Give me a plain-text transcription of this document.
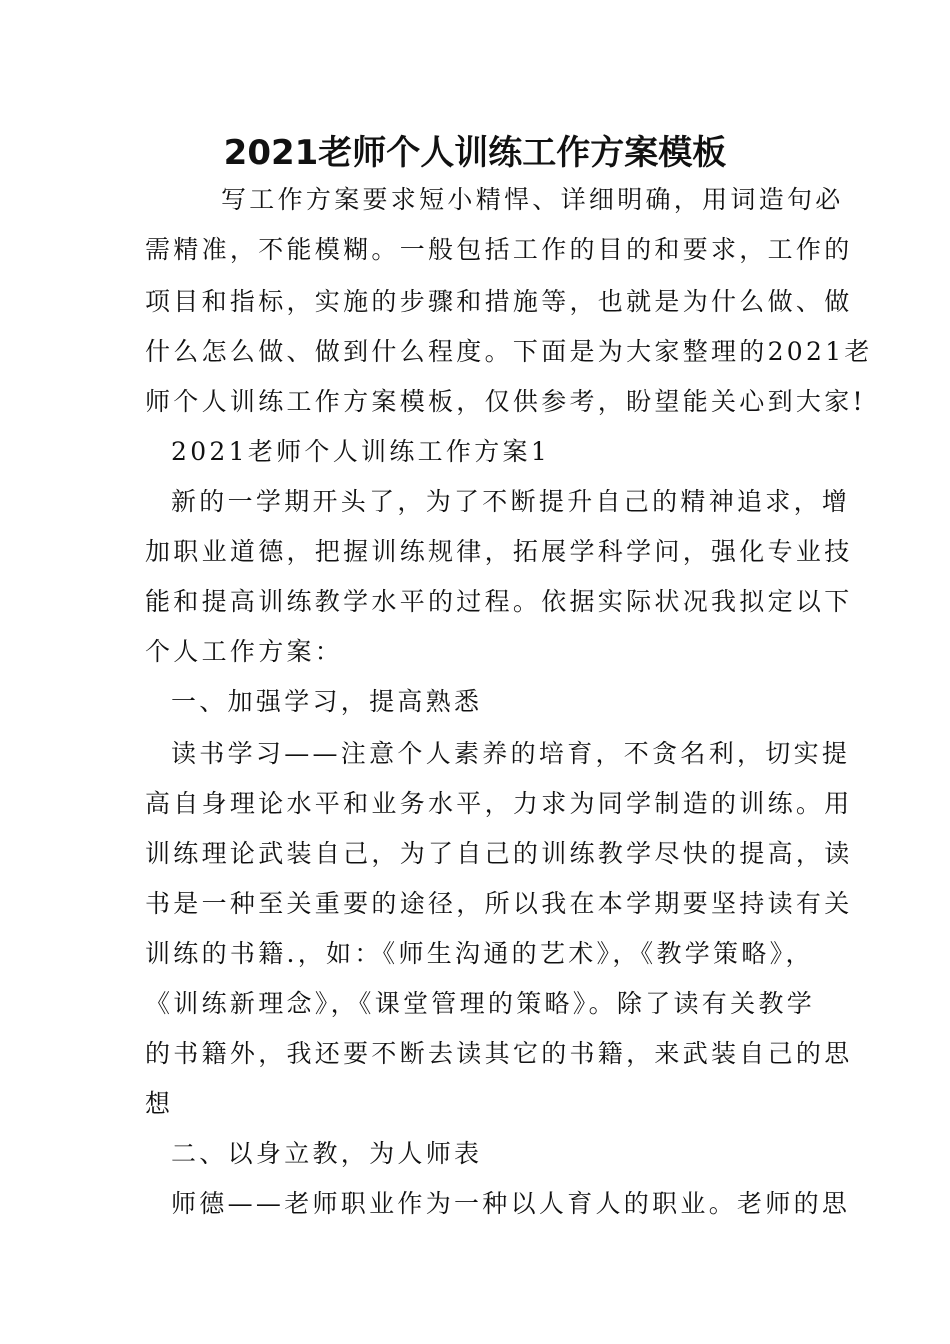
2021老师个人训练工作方案模板
写工作方案要求短小精悍、详细明确，用词造句必
需精准，不能模糊。一般包括工作的目的和要求，工作的
项目和指标，实施的步骤和措施等，也就是为什么做、做
什么怎么做、做到什么程度。下面是为大家整理的2021老
师个人训练工作方案模板，仅供参考，盼望能关心到大家!
2021老师个人训练工作方案1
新的一学期开头了，为了不断提升自己的精神追求，增
加职业道德，把握训练规律，拓展学科学问，强化专业技
能和提高训练教学水平的过程。依据实际状况我拟定以下
个人工作方案：
一、加强学习，提高熟悉
读书学习——注意个人素养的培育，不贪名利，切实提
高自身理论水平和业务水平，力求为同学制造的训练。用
训练理论武装自己，为了自己的训练教学尽快的提高，读
书是一种至关重要的途径，所以我在本学期要坚持读有关
训练的书籍.，如：《师生沟通的艺术》，《教学策略》，
《训练新理念》，《课堂管理的策略》。除了读有关教学
的书籍外，我还要不断去读其它的书籍，来武装自己的思
想
二、以身立教，为人师表
师德——老师职业作为一种以人育人的职业。老师的思
